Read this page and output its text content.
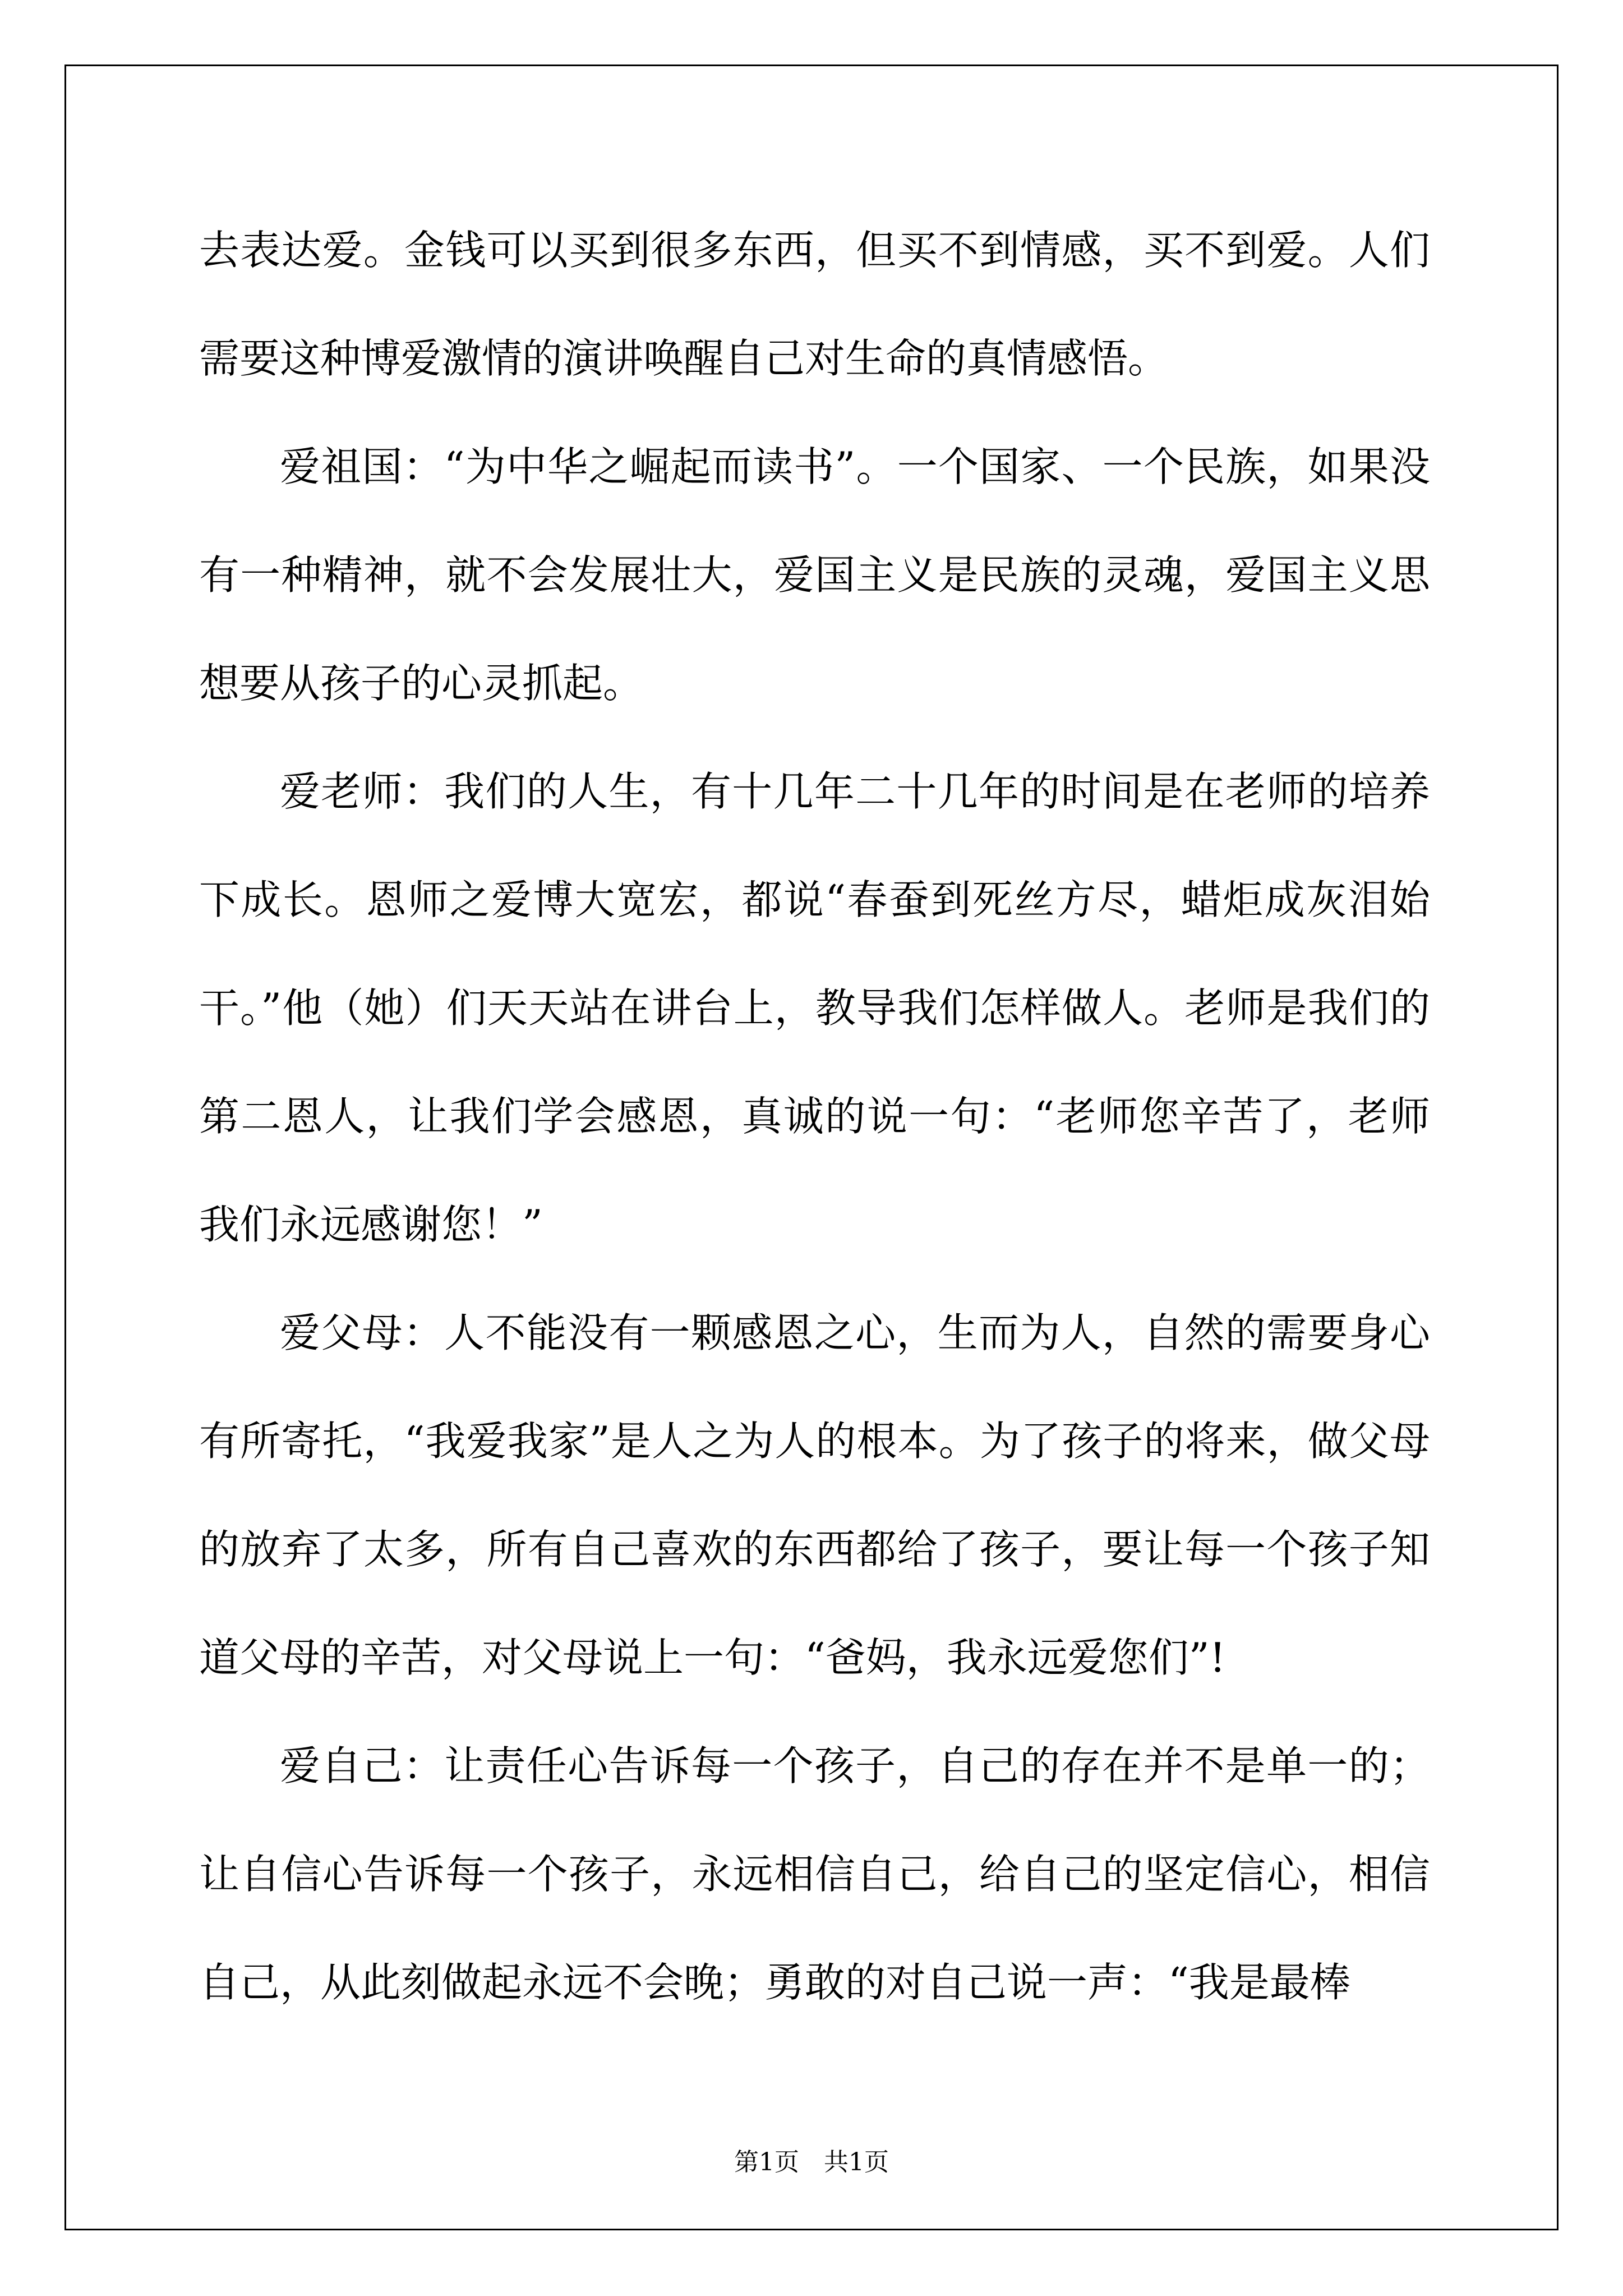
去表达爱。金钱可以买到很多东西，但买不到情感，买不到爱。人们需要这种博爱激情的演讲唤醒自己对生命的真情感悟。

爱祖国：“为中华之崛起而读书”。一个国家、一个民族，如果没有一种精神，就不会发展壮大，爱国主义是民族的灵魂，爱国主义思想要从孩子的心灵抓起。

爱老师：我们的人生，有十几年二十几年的时间是在老师的培养下成长。恩师之爱博大宽宏，都说“春蚕到死丝方尽，蜡炬成灰泪始干。”他（她）们天天站在讲台上，教导我们怎样做人。老师是我们的第二恩人，让我们学会感恩，真诚的说一句：“老师您辛苦了，老师我们永远感谢您！”

爱父母：人不能没有一颗感恩之心，生而为人，自然的需要身心有所寄托，“我爱我家”是人之为人的根本。为了孩子的将来，做父母的放弃了太多，所有自己喜欢的东西都给了孩子，要让每一个孩子知道父母的辛苦，对父母说上一句：“爸妈，我永远爱您们”!

爱自己：让责任心告诉每一个孩子，自己的存在并不是单一的；让自信心告诉每一个孩子，永远相信自己，给自己的坚定信心，相信自己，从此刻做起永远不会晚；勇敢的对自己说一声：“我是最棒

第1页 共1页
